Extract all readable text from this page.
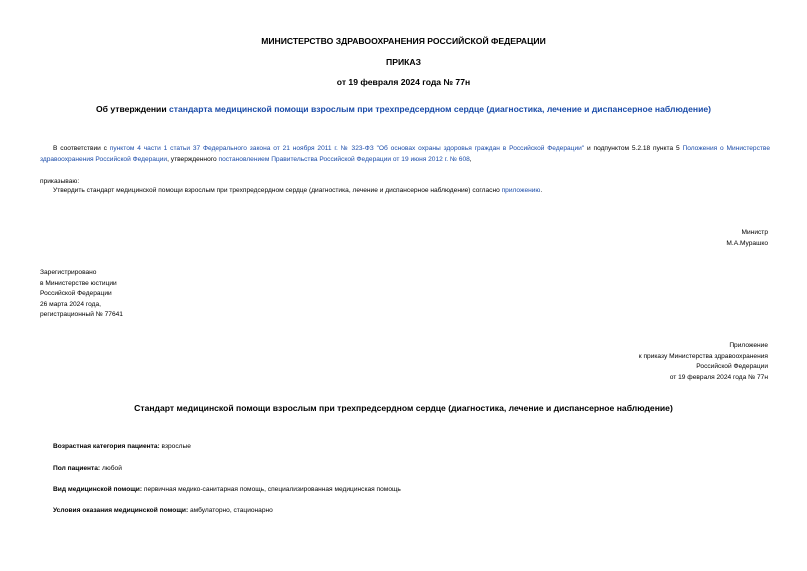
МИНИСТЕРСТВО ЗДРАВООХРАНЕНИЯ РОССИЙСКОЙ ФЕДЕРАЦИИ
ПРИКАЗ
от 19 февраля 2024 года № 77н
Об утверждении стандарта медицинской помощи взрослым при трехпредсердном сердце (диагностика, лечение и диспансерное наблюдение)
В соответствии с пунктом 4 части 1 статьи 37 Федерального закона от 21 ноября 2011 г. № 323-ФЗ "Об основах охраны здоровья граждан в Российской Федерации" и подпунктом 5.2.18 пункта 5 Положения о Министерстве здравоохранения Российской Федерации, утвержденного постановлением Правительства Российской Федерации от 19 июня 2012 г. № 608,
приказываю:
Утвердить стандарт медицинской помощи взрослым при трехпредсердном сердце (диагностика, лечение и диспансерное наблюдение) согласно приложению.
Министр
М.А.Мурашко
Зарегистрировано
в Министерстве юстиции
Российской Федерации
26 марта 2024 года,
регистрационный № 77641
Приложение
к приказу Министерства здравоохранения
Российской Федерации
от 19 февраля 2024 года № 77н
Стандарт медицинской помощи взрослым при трехпредсердном сердце (диагностика, лечение и диспансерное наблюдение)
Возрастная категория пациента: взрослые
Пол пациента: любой
Вид медицинской помощи: первичная медико-санитарная помощь, специализированная медицинская помощь
Условия оказания медицинской помощи: амбулаторно, стационарно
